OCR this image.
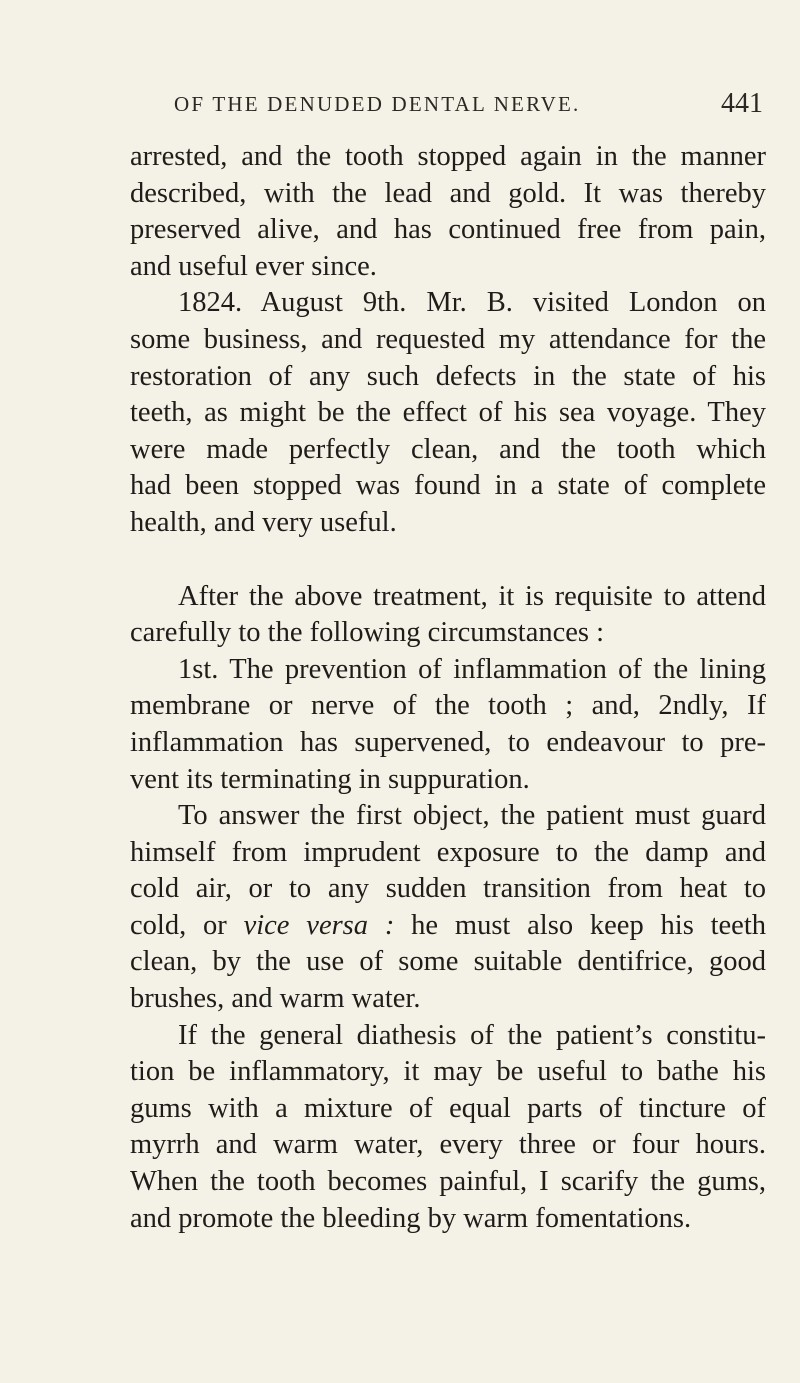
OF THE DENUDED DENTAL NERVE.	441
arrested, and the tooth stopped again in the manner
described, with the lead and gold. It was thereby
preserved alive, and has continued free from pain,
and useful ever since.
1824. August 9th. Mr. B. visited London on
some business, and requested my attendance for the
restoration of any such defects in the state of his
teeth, as might be the effect of his sea voyage. They
were made perfectly clean, and the tooth which
had been stopped was found in a state of complete
health, and very useful.
After the above treatment, it is requisite to attend
carefully to the following circumstances :
1st. The prevention of inflammation of the lining
membrane or nerve of the tooth ; and, 2ndly, If
inflammation has supervened, to endeavour to pre-
vent its terminating in suppuration.
To answer the first object, the patient must guard
himself from imprudent exposure to the damp and
cold air, or to any sudden transition from heat to
cold, or vice versa : he must also keep his teeth
clean, by the use of some suitable dentifrice, good
brushes, and warm water.
If the general diathesis of the patient’s constitu-
tion be inflammatory, it may be useful to bathe his
gums with a mixture of equal parts of tincture of
myrrh and warm water, every three or four hours.
When the tooth becomes painful, I scarify the gums,
and promote the bleeding by warm fomentations.
